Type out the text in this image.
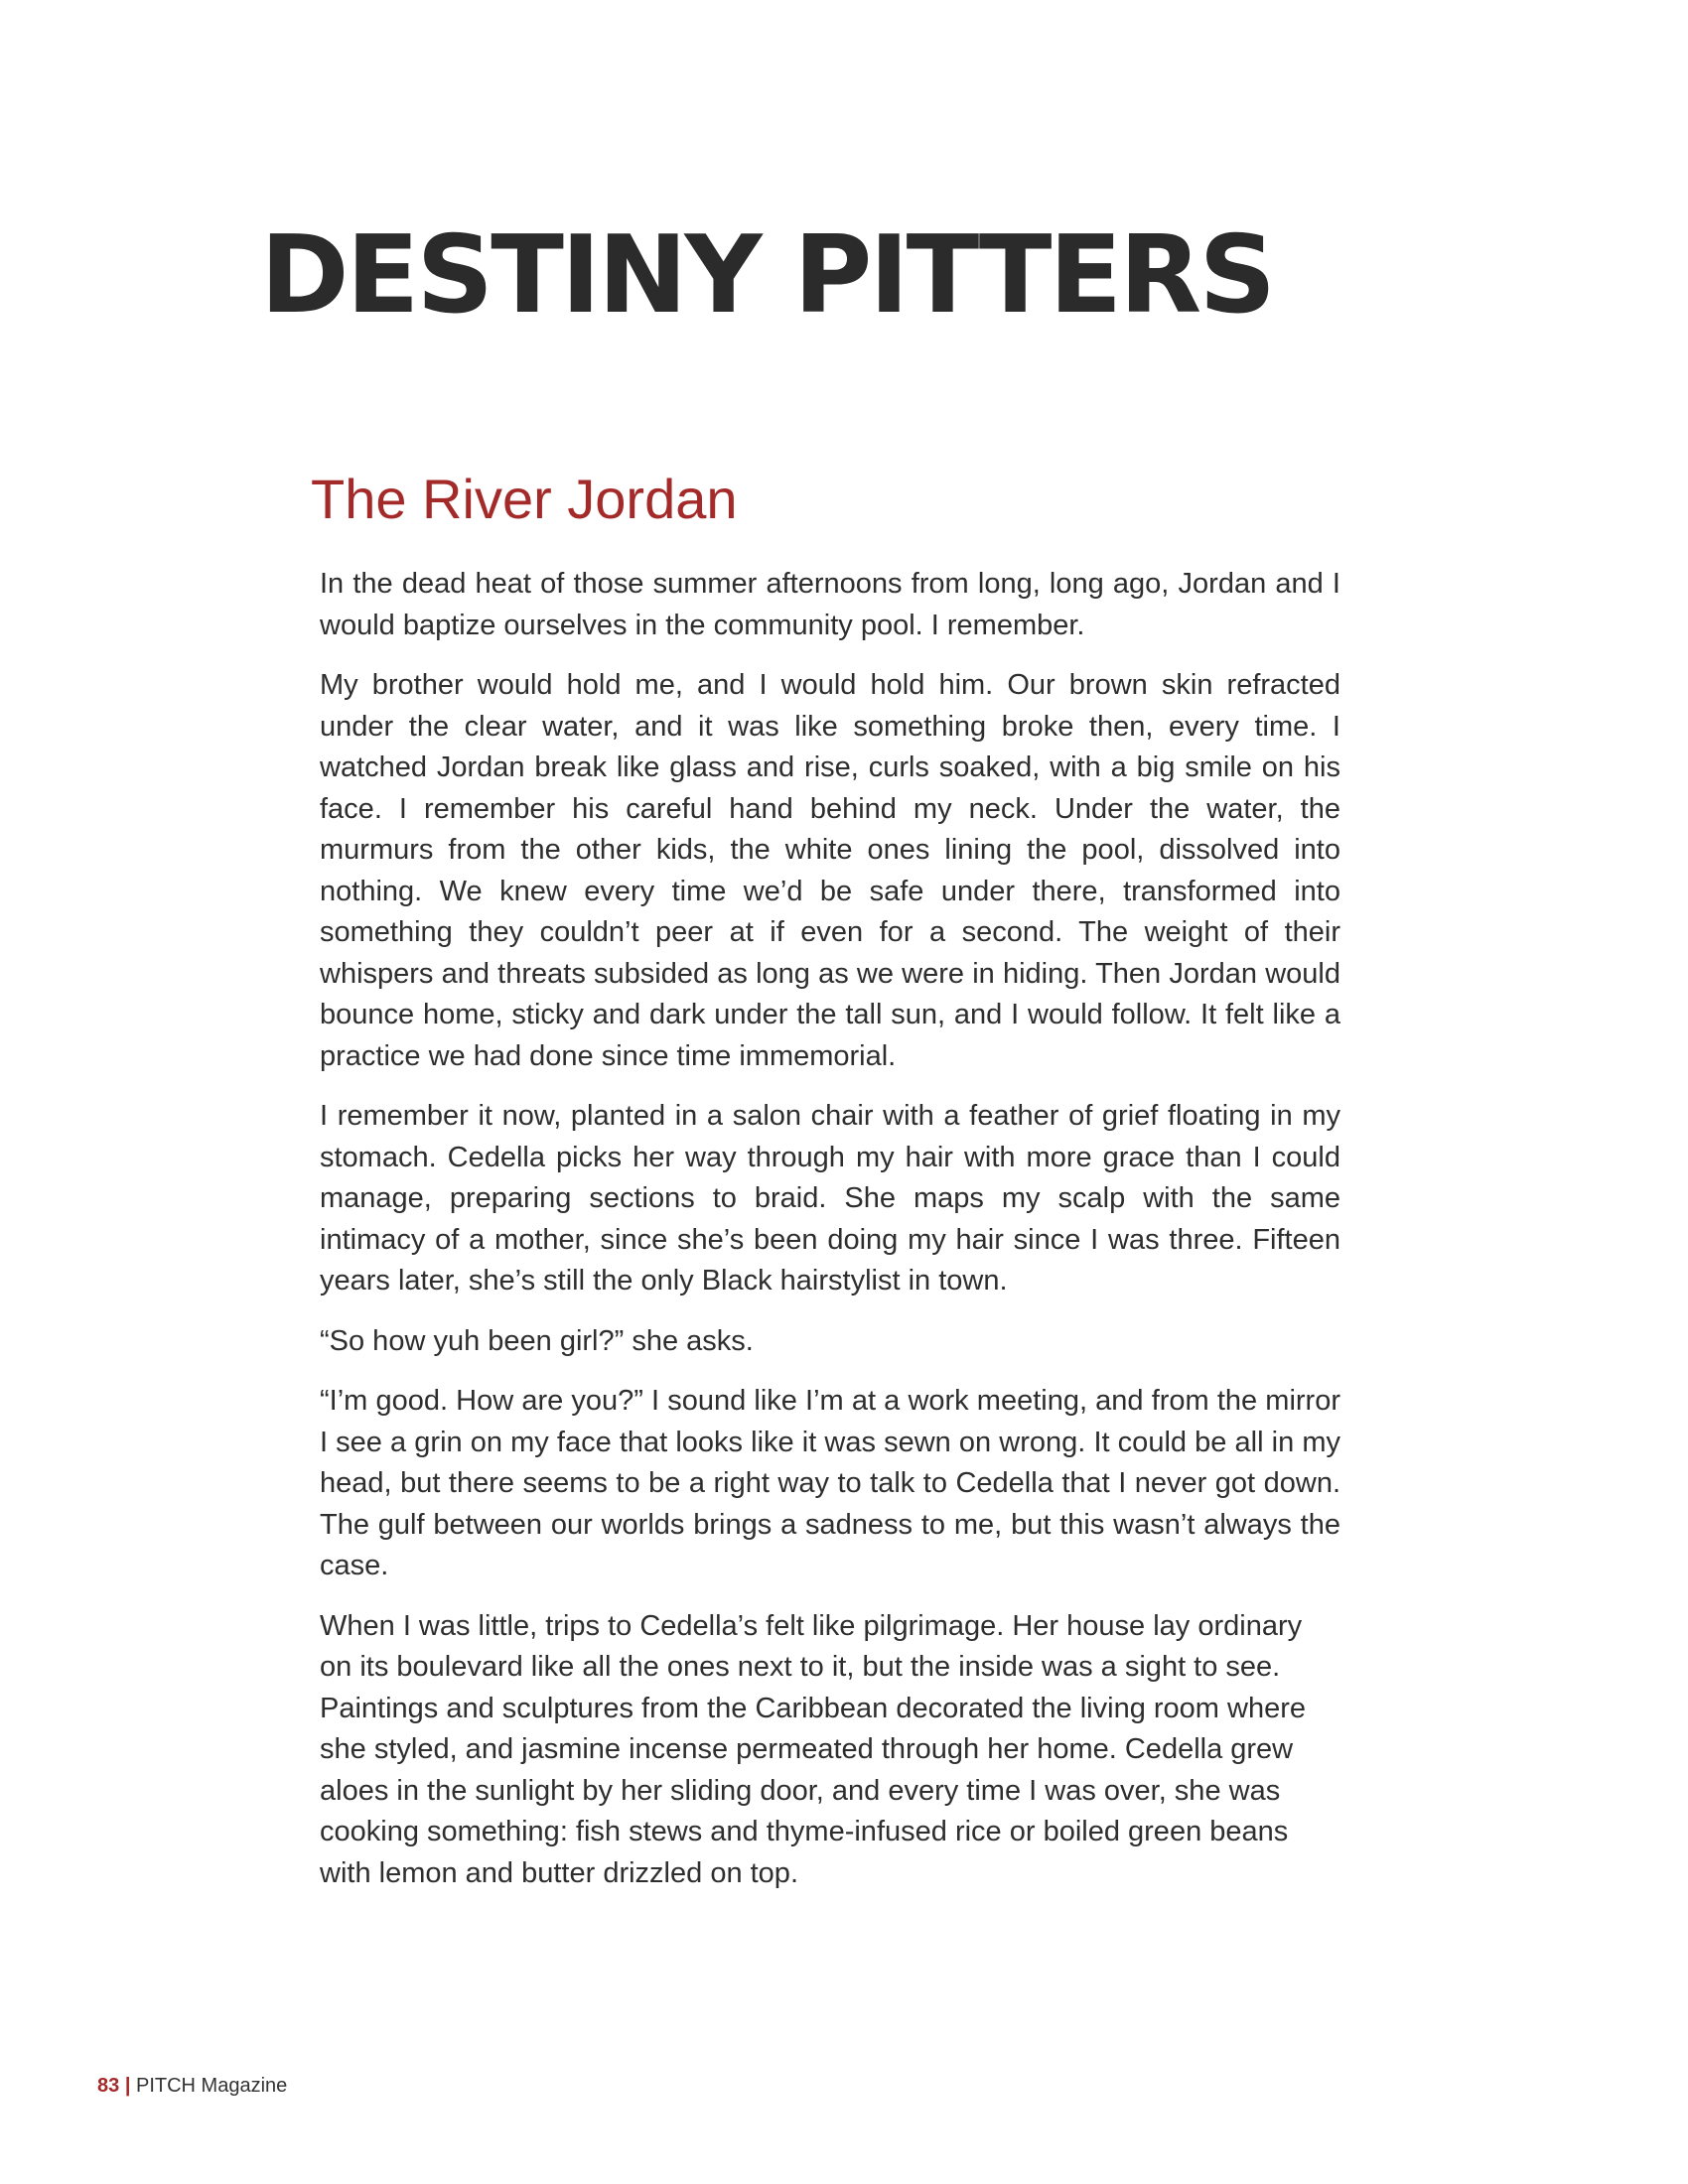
DESTINY PITTERS
The River Jordan

In the dead heat of those summer afternoons from long, long ago, Jordan and I would baptize ourselves in the community pool. I remember.

My brother would hold me, and I would hold him. Our brown skin refracted under the clear water, and it was like something broke then, every time. I watched Jordan break like glass and rise, curls soaked, with a big smile on his face. I remember his careful hand behind my neck. Under the water, the murmurs from the other kids, the white ones lining the pool, dissolved into nothing. We knew every time we’d be safe under there, transformed into something they couldn’t peer at if even for a second. The weight of their whispers and threats subsided as long as we were in hiding. Then Jordan would bounce home, sticky and dark under the tall sun, and I would follow. It felt like a practice we had done since time immemorial.

I remember it now, planted in a salon chair with a feather of grief floating in my stomach. Cedella picks her way through my hair with more grace than I could manage, preparing sections to braid. She maps my scalp with the same intimacy of a mother, since she’s been doing my hair since I was three. Fifteen years later, she’s still the only Black hairstylist in town.

“So how yuh been girl?” she asks.

“I’m good. How are you?” I sound like I’m at a work meeting, and from the mirror I see a grin on my face that looks like it was sewn on wrong. It could be all in my head, but there seems to be a right way to talk to Cedella that I never got down. The gulf between our worlds brings a sadness to me, but this wasn’t always the case.

When I was little, trips to Cedella’s felt like pilgrimage. Her house lay ordinary on its boulevard like all the ones next to it, but the inside was a sight to see. Paintings and sculptures from the Caribbean decorated the living room where she styled, and jasmine incense permeated through her home. Cedella grew aloes in the sunlight by her sliding door, and every time I was over, she was cooking something: fish stews and thyme-infused rice or boiled green beans with lemon and butter drizzled on top.

83 | PITCH Magazine
